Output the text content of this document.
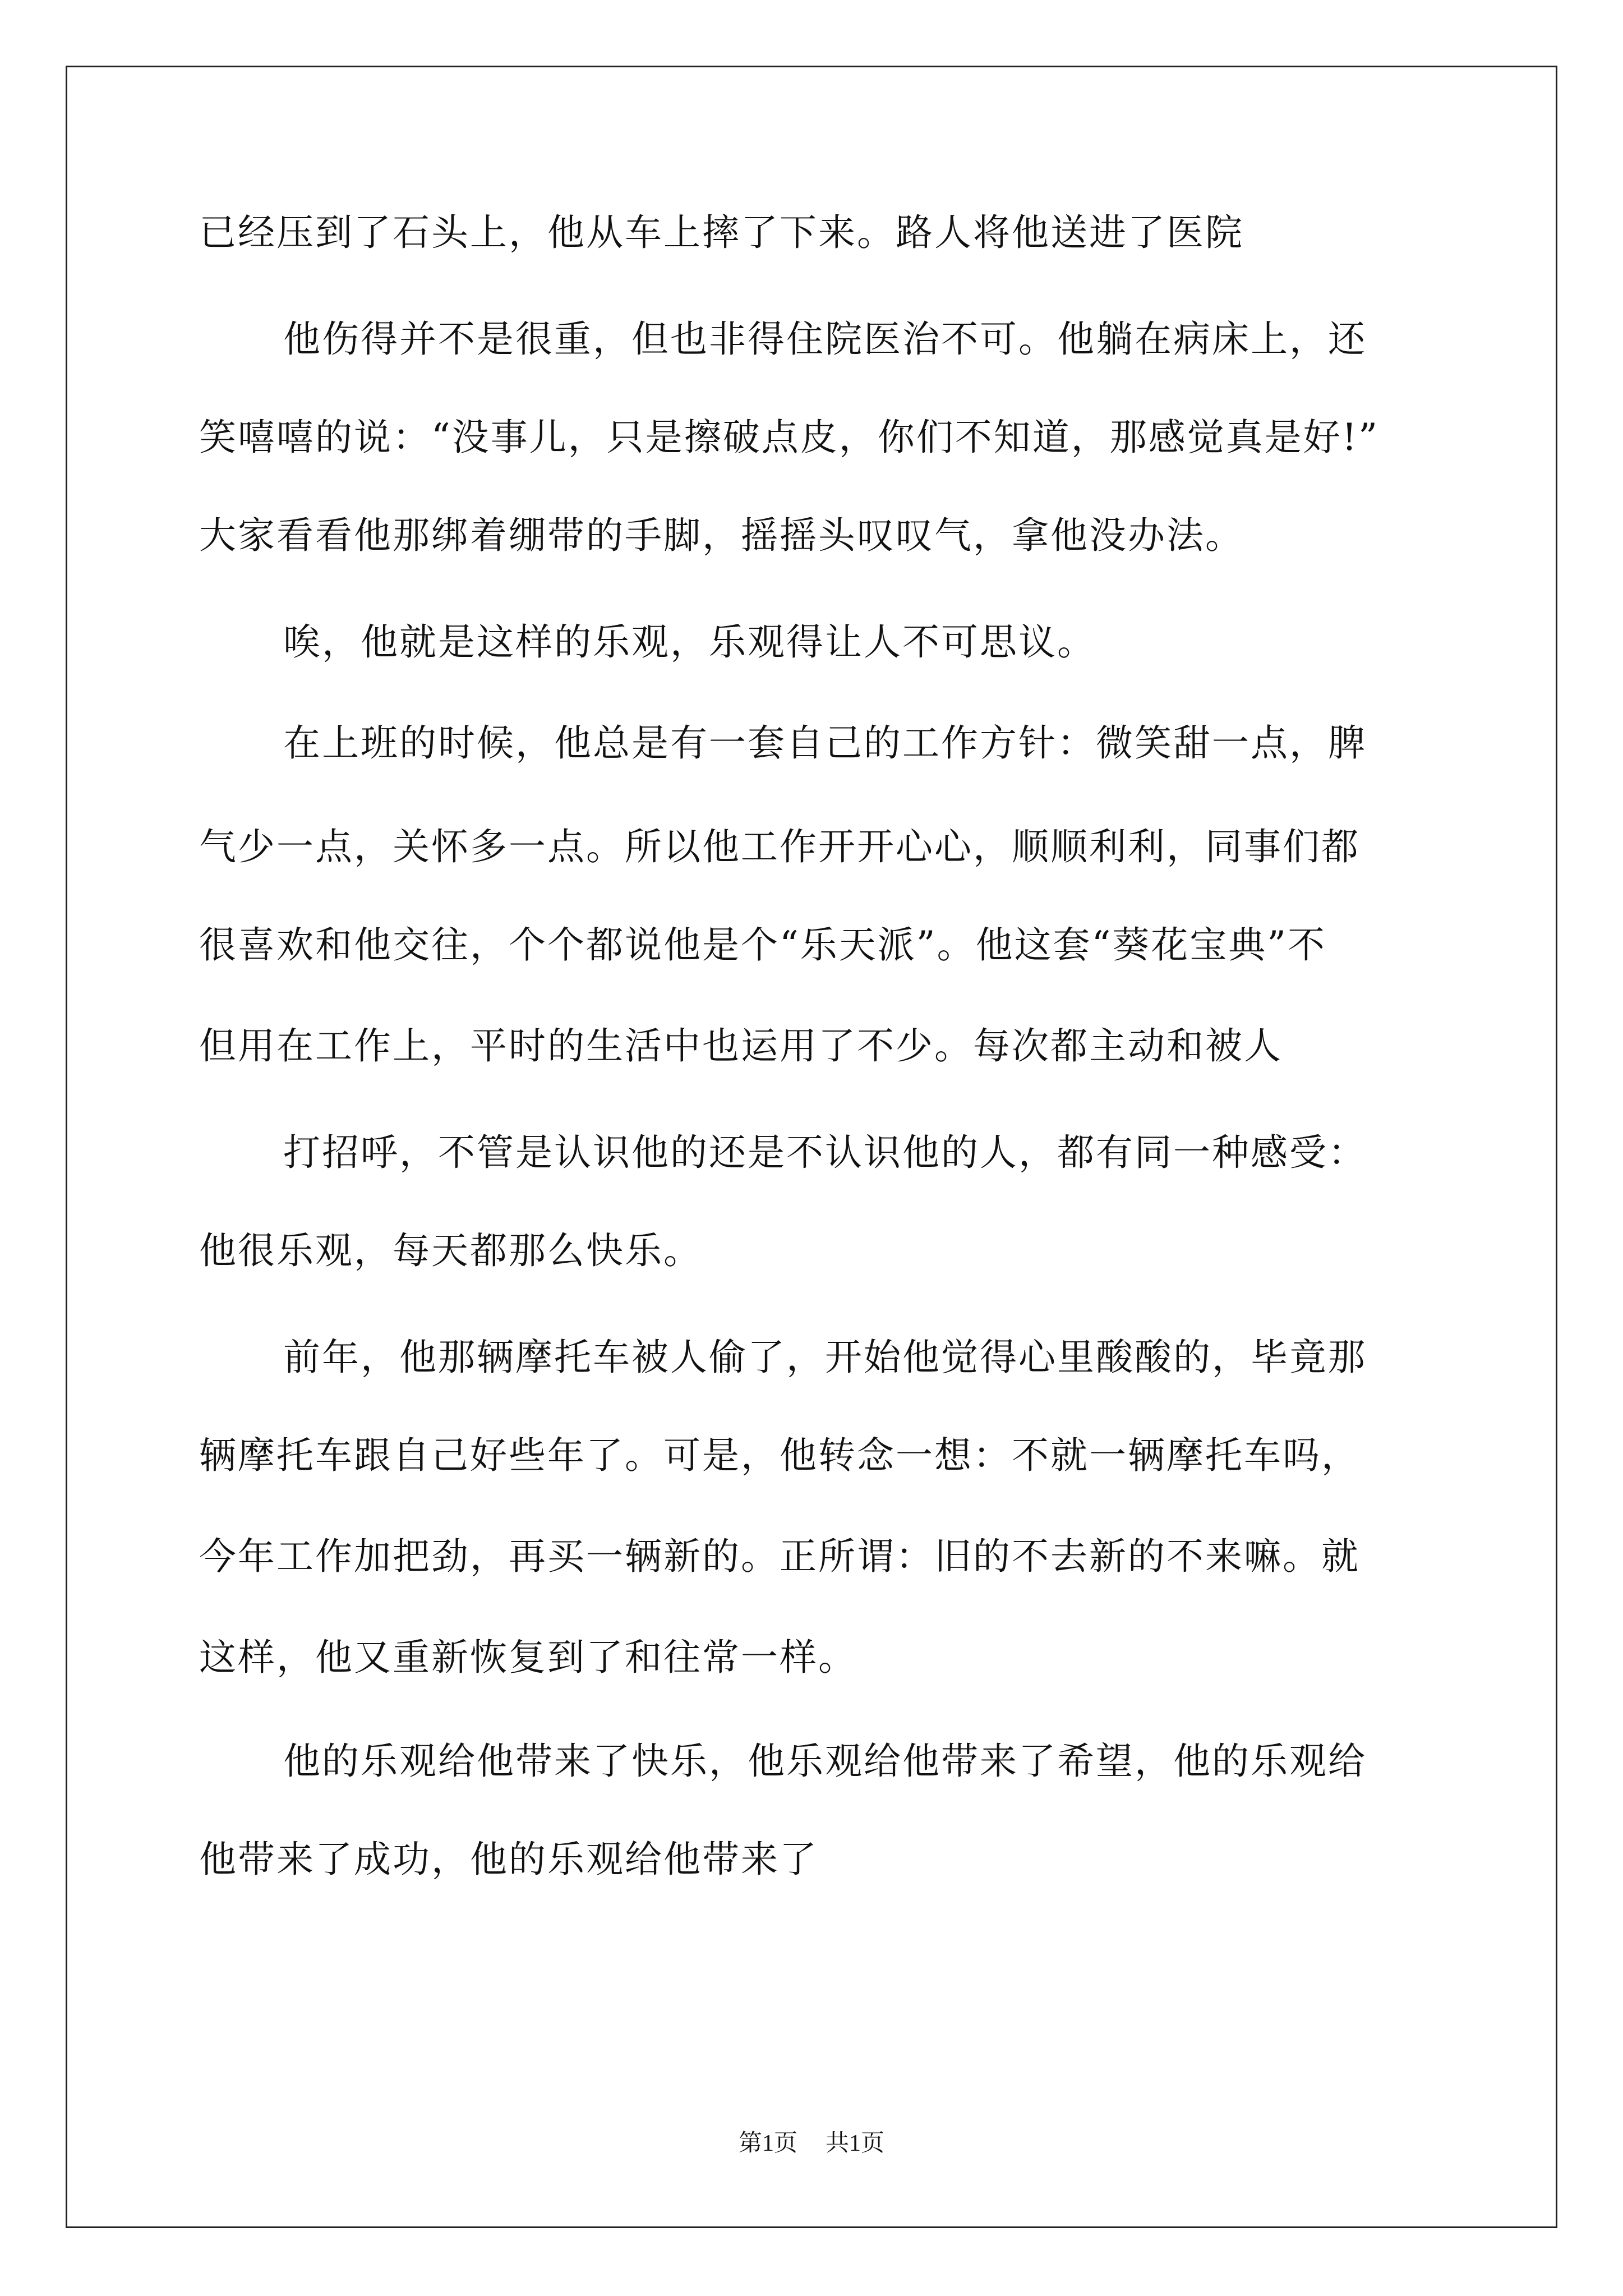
已经压到了石头上，他从车上摔了下来。路人将他送进了医院
他伤得并不是很重，但也非得住院医治不可。他躺在病床上，还
笑嘻嘻的说：“没事儿，只是擦破点皮，你们不知道，那感觉真是好!”
大家看看他那绑着绷带的手脚，摇摇头叹叹气，拿他没办法。
唉，他就是这样的乐观，乐观得让人不可思议。
在上班的时候，他总是有一套自己的工作方针：微笑甜一点，脾
气少一点，关怀多一点。所以他工作开开心心，顺顺利利，同事们都
很喜欢和他交往，个个都说他是个“乐天派”。他这套“葵花宝典”不
但用在工作上，平时的生活中也运用了不少。每次都主动和被人
打招呼，不管是认识他的还是不认识他的人，都有同一种感受：
他很乐观，每天都那么快乐。
前年，他那辆摩托车被人偷了，开始他觉得心里酸酸的，毕竟那
辆摩托车跟自己好些年了。可是，他转念一想：不就一辆摩托车吗，
今年工作加把劲，再买一辆新的。正所谓：旧的不去新的不来嘛。就
这样，他又重新恢复到了和往常一样。
他的乐观给他带来了快乐，他乐观给他带来了希望，他的乐观给
他带来了成功，他的乐观给他带来了
第1页 共1页
